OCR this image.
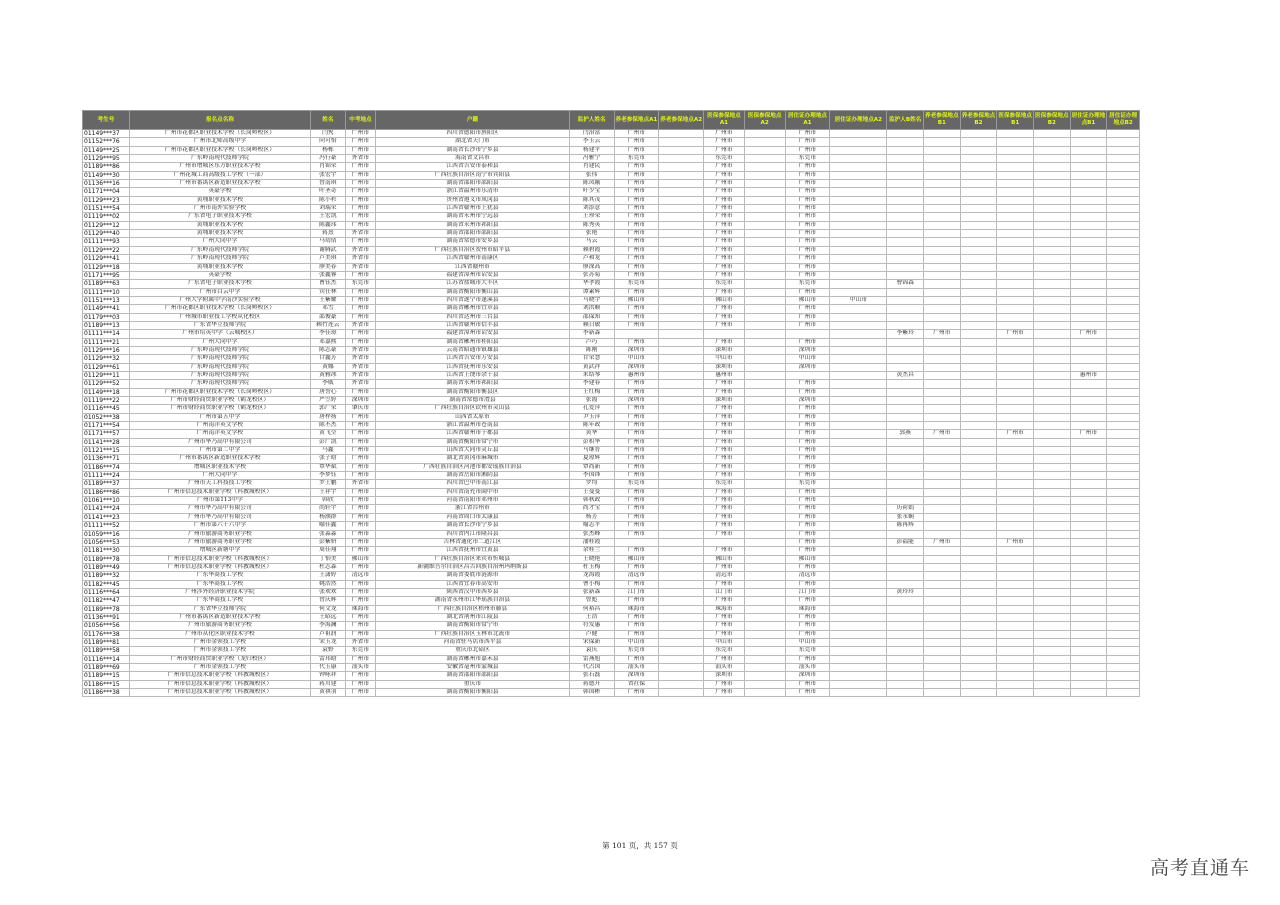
考生号	报名点名称	姓名	中考地点	户籍	监护人姓名	养老参保地点A1	养老参保地点A2	医保参保地点A1	医保参保地点A2	居住证办理地点A1	居住证办理地点A2	监护人B姓名	养老参保地点B1	养老参保地点B2	医保参保地点B1	医保参保地点B2	居住证办理地点B1	居住证办理地点B2
01149***37	广州市花都区职业技术学校（长岗岭校区）	闫隽	广州市	四川省德阳市旌阳区	闫治富	广州市		广州市		广州市								
01152***76	广州市北师高级中学	向可怡	广州市	湖北省天门市	李玉云	广州市		广州市		广州市								
01149***25	广州市花都区职业技术学校（长岗岭校区）	杨栋	广州市	湖南省长沙市宁乡县	杨建平	广州市		广州市		广州市								
01129***95	广东岭南现代技师学院	冯行豪	外省市	海南省文昌市	冯雅宁	东莞市		东莞市		东莞市								
01189***86	广州市增城区东方职业技术学校	肖锦荣	广州市	江西省吉安市泰和县	肖建民	广州市		广州市		广州市								
01149***30	广州花城工商高级技工学校（一部）	张宏宇	广州市	广西壮族自治区南宁市宾阳县	张伟	广州市		广州市		广州市								
01136***16	广州市番禺区新造职业技术学校	曾南琪	广州市	湖南省邵阳市邵阳县	陈凤娥	广州市		广州市		广州市								
01171***04	英豪学校	叶圣奇	广州市	浙江省温州市乐清市	叶少宝	广州市		广州市		广州市								
01129***23	黄埔职业技术学校	陈小杉	广州市	贵州省遵义市凤冈县	陈其茂	广州市		广州市		广州市								
01151***54	广州市南外实验学校	刘瑞荣	广州市	江西省赣州市上犹县	刘添意	广州市		广州市		广州市								
01119***02	广东省电子职业技术学校	王宏凯	广州市	湖南省永州市宁远县	王珍荣	广州市		广州市		广州市								
01129***12	黄埔职业技术学校	陈鑫玮	广州市	湖南省永州市祁阳县	陈秀英	广州市		广州市		广州市								
01129***40	黄埔职业技术学校	蒋熹	外省市	湖南省邵阳市邵阳县	张艳	广州市		广州市		广州市								
01111***93	广州大同中学	马靖倩	广州市	湖南省常德市安乡县	马云	广州市		广州市		广州市								
01129***22	广东岭南现代技师学院	谢腾武	外省市	广西壮族自治区贺州市昭平县	赖碧霞	广州市		广州市		广州市								
01129***41	广东岭南现代技师学院	卢美琪	外省市	江西省赣州市南康区	卢和龙	广州市		广州市		广州市								
01129***18	黄埔职业技术学校	廖美春	外省市	江西省赣州市	廖深高	广州市		广州市		广州市								
01171***95	英豪学校	张鑫睿	广州市	福建省漳州市诏安县	张苏菊	广州市		广州市		广州市								
01189***63	广东省电子职业技术学校	曹钰杰	东莞市	江苏省盐城市大丰区	华孝霞	东莞市		东莞市		东莞市		曹锦森						
01111***10	广州市白云中学	宾任林	广州市	湖南省衡阳市衡山县	谭素辉	广州市		广州市		广州市								
01151***13	广州大学附属中学南沙实验学校	王紫耀	广州市	四川省遂宁市蓬溪县	马晓宇	佛山市		佛山市		佛山市	中山市							
01149***41	广州市花都区职业技术学校（长岗岭校区）	邓雪	广州市	湖南省郴州市宜章县	刘洪顺	广州市		广州市		广州市								
01179***03	广州城市职业技工学校从化校区	邵俊豪	广州市	四川省达州市三台县	邵保知	广州市		广州市		广州市								
01189***13	广东省华立技师学院	赖竹连云	外省市	江西省赣州市信丰县	赖日敏	广州市		广州市		广州市								
01111***14	广州市培英中学（云城校区）	李佳璟	广州市	福建省漳州市诏安县	李新森							李紫玲	广州市		广州市		广州市	
01111***21	广州大同中学	邓嘉熙	广州市	湖南省郴州市桂阳县	卢巧	广州市		广州市		广州市								
01129***16	广东岭南现代技师学院	陈志豪	外省市	云南省昭通市镇雄县	陈刚	深圳市		深圳市		深圳市								
01129***32	广东岭南现代技师学院	甘鑫芳	外省市	江西省吉安市万安县	甘荣慧	中山市		中山市		中山市								
01129***61	广东岭南现代技师学院	黄娜	外省市	江西省抚州市乐安县	黄武祥	深圳市		深圳市		深圳市								
01129***11	广东岭南现代技师学院	黄雅冰	外省市	江西省上饶市余干县	朱结琴	惠州市		惠州市				黄杰昌					惠州市	
01129***52	广东岭南现代技师学院	李威	外省市	湖南省永州市祁阳县	李建春	广州市		广州市		广州市								
01149***18	广州市花都区职业技术学校（长岗岭校区）	唐誉心	广州市	湖南省衡阳市衡县区	王红梅	广州市		广州市		广州市								
01119***22	广州市财经商贸职业学校（鹤龙校区）	严笠婷	深圳市	湖南省常德市澧县	张霞	深圳市		深圳市		深圳市								
01116***45	广州市财经商贸职业学校（鹤龙校区）	郭广荣	肇庆市	广西壮族自治区钦州市灵山县	孔爱萍	广州市		广州市		广州市								
01052***38	广州市第五中学	唐梓扬	广州市	山西省太原市	尹玉萍	广州市		广州市		广州市								
01171***54	广州南洋英文学校	陈丕杰	广州市	浙江省温州市苍南县	陈年政	广州市		广州市		广州市								
01171***57	广州南洋英文学校	黄飞莹	广州市	江西省赣州市于都县	黄华	广州市		广州市		广州市		郭燕	广州市		广州市		广州市	
01141***28	广州市华乃高中有限公司	彭广凯	广州市	湖南省衡阳市常宁市	彭积华	广州市		广州市		广州市								
01121***15	广州市第二中学	马鑫	广州市	山西省大同市灵丘县	马继普	广州市		广州市		广州市								
01136***71	广州市番禺区新造职业技术学校	张子晗	广州市	湖北省黄冈市麻城市	夏琼辉	广州市		广州市		广州市								
01186***74	增城区职业技术学校	覃华斌	广州市	广西壮族自治区河池市都安瑶族自治县	覃尚新	广州市		广州市		广州市								
01111***24	广州大同中学	李梦钰	广州市	湖南省岳阳市湘阴县	李国锋	广州市		广州市		广州市								
01189***37	广州市天工科技技工学校	罗士鹏	外省市	四川省巴中市南江县	罗均	东莞市		东莞市		东莞市								
01186***86	广州市信息技术职业学校（科教城校区）	王祥宇	广州市	四川省南充市阆中市	王曼曼	广州市		广州市		广州市								
01061***10	广州市第113中学	韩欣	广州市	河南省南阳市邓州市	韩秋政	广州市		广州市		广州市								
01141***24	广州市华乃高中有限公司	尚轩宇	广州市	浙江省台州市	尚才宝	广州市		广州市		广州市		历荷娟						
01141***23	广州市华乃高中有限公司	杨濮群	广州市	河南省周口市太康县	杨芳	广州市		广州市		广州市		张永娴						
01111***52	广州市第六十六中学	喻佳鑫	广州市	湖南省长沙市宁乡县	喻志平	广州市		广州市		广州市		陈再辉						
01059***16	广州市旅游商务职业学校	张淼淼	广州市	四川省内江市隆昌县	张杰峰	广州市		广州市		广州市								
01056***53	广州市旅游商务职业学校	彭紫妍	广州市	吉林省通化市二道江区	潘桂霞					广州市		彭福能	广州市		广州市			
01181***30	增城区新塘中学	周佳翔	广州市	江西省抚州市宜黄县	余桂兰	广州市		广州市		广州市								
01189***78	广州市信息技术职业学校（科教城校区）	丁怡美	佛山市	广西壮族自治区来宾市忻城县	王晓艳	佛山市		佛山市		佛山市								
01189***49	广州市信息技术职业学校（科教城校区）	杜志森	广州市	新疆维吾尔自治区昌吉回族自治州玛纳斯县	杜玉梅	广州市		广州市		广州市								
01189***32	广东华商技工学校	王潇婷	清远市	湖南省娄底市涟源市	龙海霞	清远市		清远市		清远市								
01182***45	广东华商技工学校	姚浩然	广州市	江西省宜春市高安市	曹小梅	广州市		广州市		广州市								
01116***64	广州涉外经济职业技术学院	张欢欢	广州市	陕西省汉中市西乡县	张新森	江门市		江门市		江门市		黄玲玲						
01182***47	广东华商技工学校	曾庆辉	广州市	湖南省永州市江华瑶族自治县	曾彪	广州市		广州市		广州市								
01189***78	广东省华立技师学院	何文龙	珠海市	广西壮族自治区梧州市藤县	何裕昌	珠海市		珠海市		珠海市								
01136***91	广州市番禺区新造职业技术学校	王昭远	广州市	湖北省荆州市江陵县	王浩	广州市		广州市		广州市								
01056***56	广州市旅游商务职业学校	李海澜	广州市	湖南省衡阳市常宁市	符发惠	广州市		广州市		广州市								
01176***38	广州市从化区职业技术学校	卢祖润	广州市	广西壮族自治区玉林市北流市	卢健	广州市		广州市		广州市								
01189***81	广州市金领技工学校	宋玉龙	外省市	河南省驻马店市西平县	宋保新	中山市		中山市		中山市								
01189***58	广州市金领技工学校	袁野	东莞市	重庆市北碚区	袁庆	东莞市		东莞市		东莞市								
01116***14	广州市财经商贸职业学校（龙归校区）	雷玮晗	广州市	湖南省郴州市嘉禾县	雷燕旭	广州市		广州市		广州市								
01189***69	广州市金领技工学校	代玉康	汕头市	安徽省亳州市蒙城县	代占国	汕头市		汕头市		汕头市								
01189***15	广州市信息技术职业学校（科教城校区）	钟咏祥	广州市	湖南省邵阳市邵阳县	张石磊	深圳市		深圳市		深圳市								
01186***15	广州市信息技术职业学校（科教城校区）	蒋川建	广州市	重庆市	蒋德开	省社保		广州市		广州市								
01186***38	广州市信息技术职业学校（科教城校区）	黄祺羽	广州市	湖南省衡阳市衡阳县	韩国彬	广州市		广州市		广州市								
第 101 页，共 157 页
高考直通车
